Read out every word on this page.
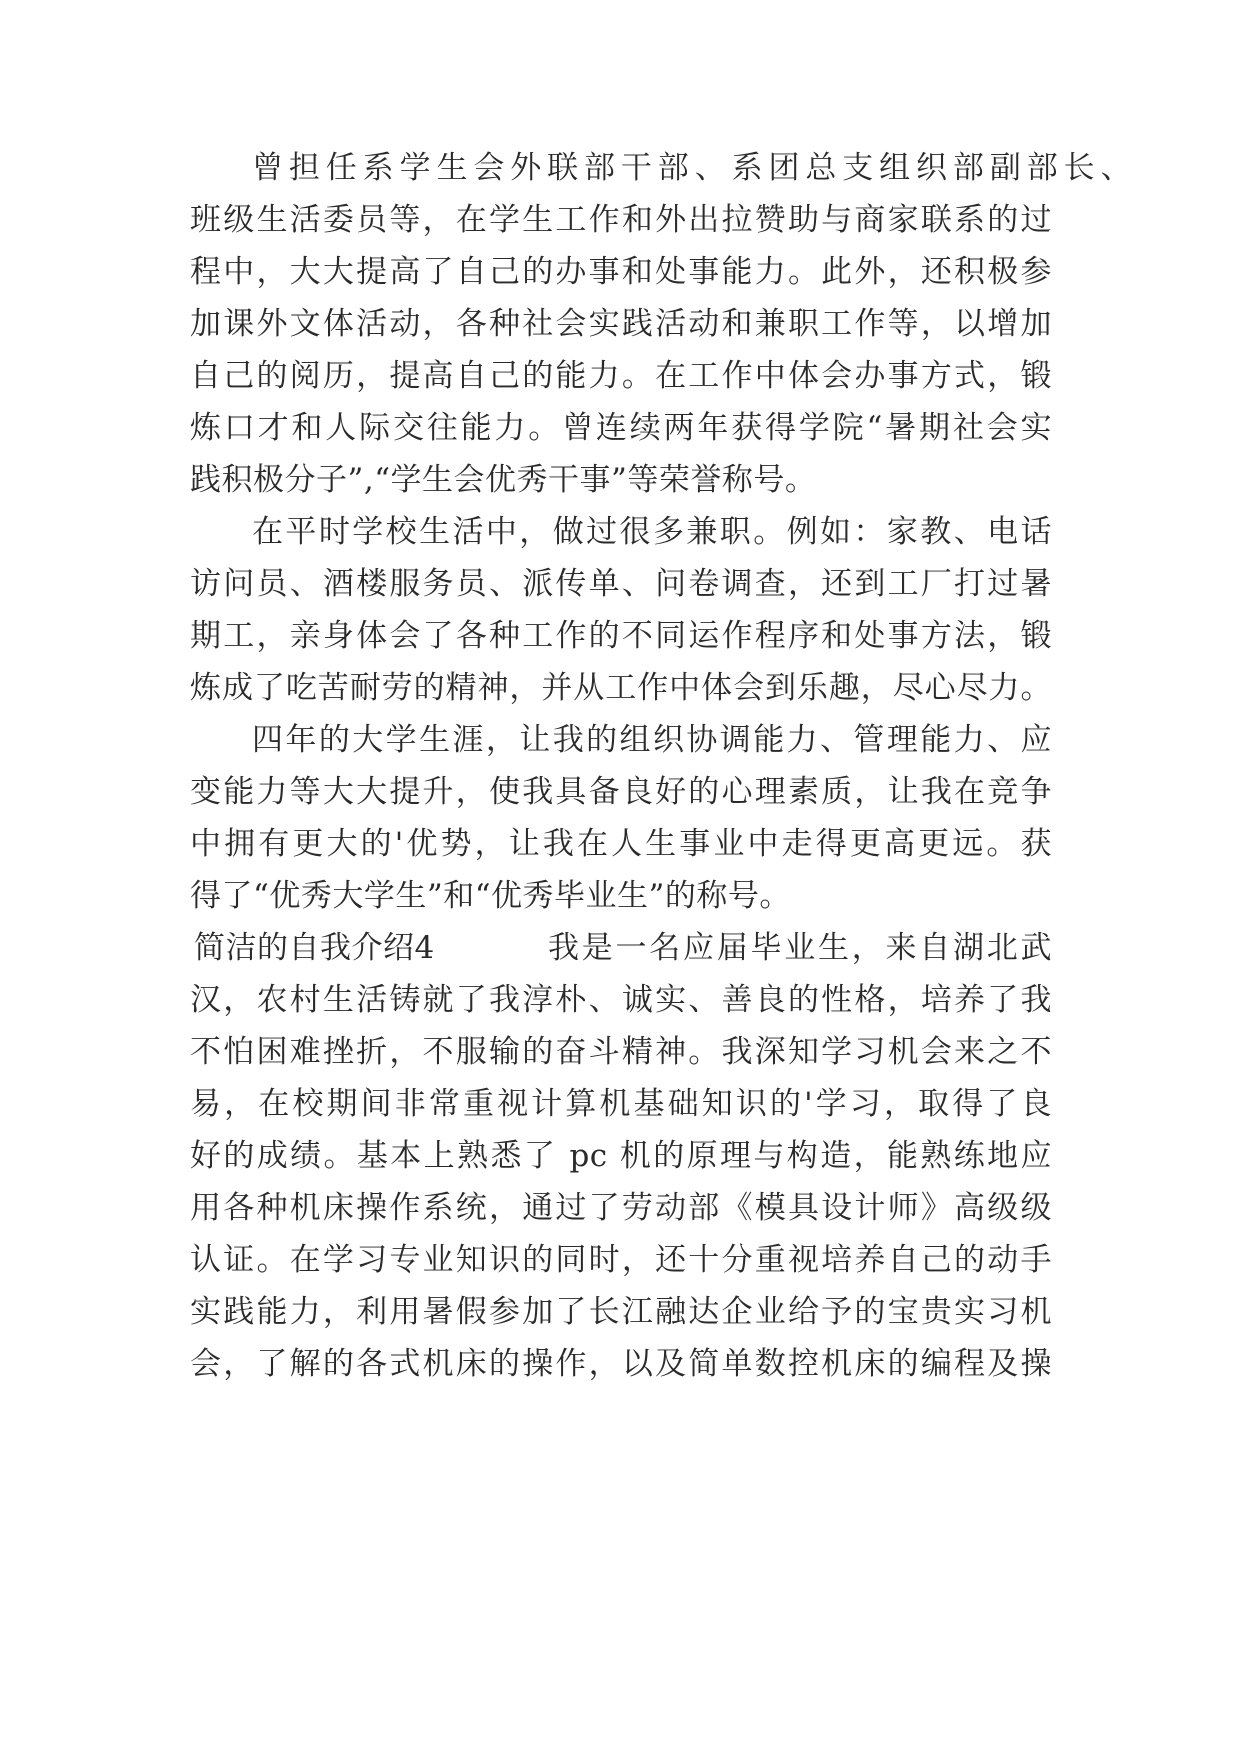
曾担任系学生会外联部干部、系团总支组织部副部长、
班级生活委员等，在学生工作和外出拉赞助与商家联系的过
程中，大大提高了自己的办事和处事能力。此外，还积极参
加课外文体活动，各种社会实践活动和兼职工作等，以增加
自己的阅历，提高自己的能力。在工作中体会办事方式，锻
炼口才和人际交往能力。曾连续两年获得学院“暑期社会实
践积极分子”,“学生会优秀干事”等荣誉称号。
在平时学校生活中，做过很多兼职。例如：家教、电话
访问员、酒楼服务员、派传单、问卷调查，还到工厂打过暑
期工，亲身体会了各种工作的不同运作程序和处事方法，锻
炼成了吃苦耐劳的精神，并从工作中体会到乐趣，尽心尽力。
四年的大学生涯，让我的组织协调能力、管理能力、应
变能力等大大提升，使我具备良好的心理素质，让我在竞争
中拥有更大的'优势，让我在人生事业中走得更高更远。获
得了“优秀大学生”和“优秀毕业生”的称号。
简洁的自我介绍4	我是一名应届毕业生，来自湖北武
汉，农村生活铸就了我淳朴、诚实、善良的性格，培养了我
不怕困难挫折，不服输的奋斗精神。我深知学习机会来之不
易，在校期间非常重视计算机基础知识的'学习，取得了良
好的成绩。基本上熟悉了 pc 机的原理与构造，能熟练地应
用各种机床操作系统，通过了劳动部《模具设计师》高级级
认证。在学习专业知识的同时，还十分重视培养自己的动手
实践能力，利用暑假参加了长江融达企业给予的宝贵实习机
会，了解的各式机床的操作，以及简单数控机床的编程及操
